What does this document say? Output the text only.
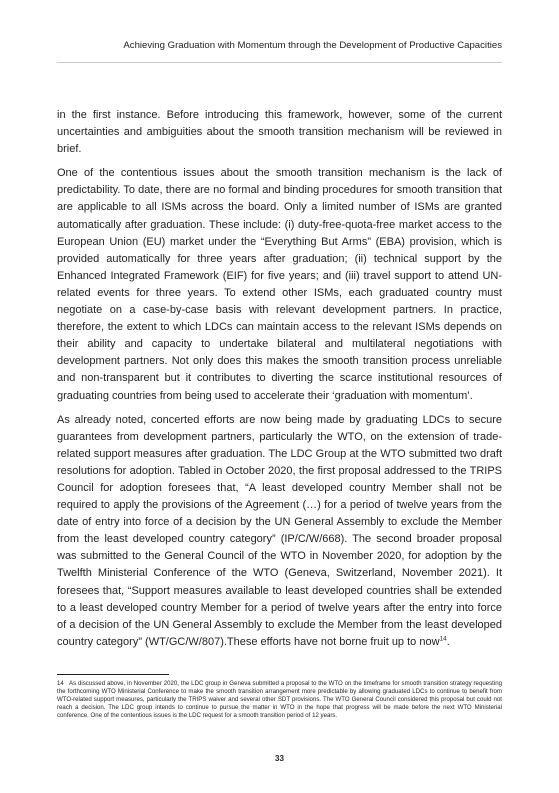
Achieving Graduation with Momentum through the Development of Productive Capacities

in the first instance. Before introducing this framework, however, some of the current uncertainties and ambiguities about the smooth transition mechanism will be reviewed in brief.

One of the contentious issues about the smooth transition mechanism is the lack of predictability. To date, there are no formal and binding procedures for smooth transition that are applicable to all ISMs across the board. Only a limited number of ISMs are granted automatically after graduation. These include: (i) duty-free-quota-free market access to the European Union (EU) market under the “Everything But Arms” (EBA) provision, which is provided automatically for three years after graduation; (ii) technical support by the Enhanced Integrated Framework (EIF) for five years; and (iii) travel support to attend UN-related events for three years. To extend other ISMs, each graduated country must negotiate on a case-by-case basis with relevant development partners. In practice, therefore, the extent to which LDCs can maintain access to the relevant ISMs depends on their ability and capacity to undertake bilateral and multilateral negotiations with development partners. Not only does this makes the smooth transition process unreliable and non-transparent but it contributes to diverting the scarce institutional resources of graduating countries from being used to accelerate their ‘graduation with momentum’.

As already noted, concerted efforts are now being made by graduating LDCs to secure guarantees from development partners, particularly the WTO, on the extension of trade-related support measures after graduation. The LDC Group at the WTO submitted two draft resolutions for adoption. Tabled in October 2020, the first proposal addressed to the TRIPS Council for adoption foresees that, “A least developed country Member shall not be required to apply the provisions of the Agreement (…) for a period of twelve years from the date of entry into force of a decision by the UN General Assembly to exclude the Member from the least developed country category” (IP/C/W/668). The second broader proposal was submitted to the General Council of the WTO in November 2020, for adoption by the Twelfth Ministerial Conference of the WTO (Geneva, Switzerland, November 2021). It foresees that, “Support measures available to least developed countries shall be extended to a least developed country Member for a period of twelve years after the entry into force of a decision of the UN General Assembly to exclude the Member from the least developed country category” (WT/GC/W/807).These efforts have not borne fruit up to now$^{14}$.

14 As discussed above, in November 2020, the LDC group in Geneva submitted a proposal to the WTO on the timeframe for smooth transition strategy requesting the forthcoming WTO Ministerial Conference to make the smooth transition arrangement more predictable by allowing graduated LDCs to continue to benefit from WTO-related support measures, particularly the TRIPS waiver and several other SDT provisions. The WTO General Council considered this proposal but could not reach a decision. The LDC group intends to continue to pursue the matter in WTO in the hope that progress will be made before the next WTO Ministerial conference. One of the contentious issues is the LDC request for a smooth transition period of 12 years.
33
